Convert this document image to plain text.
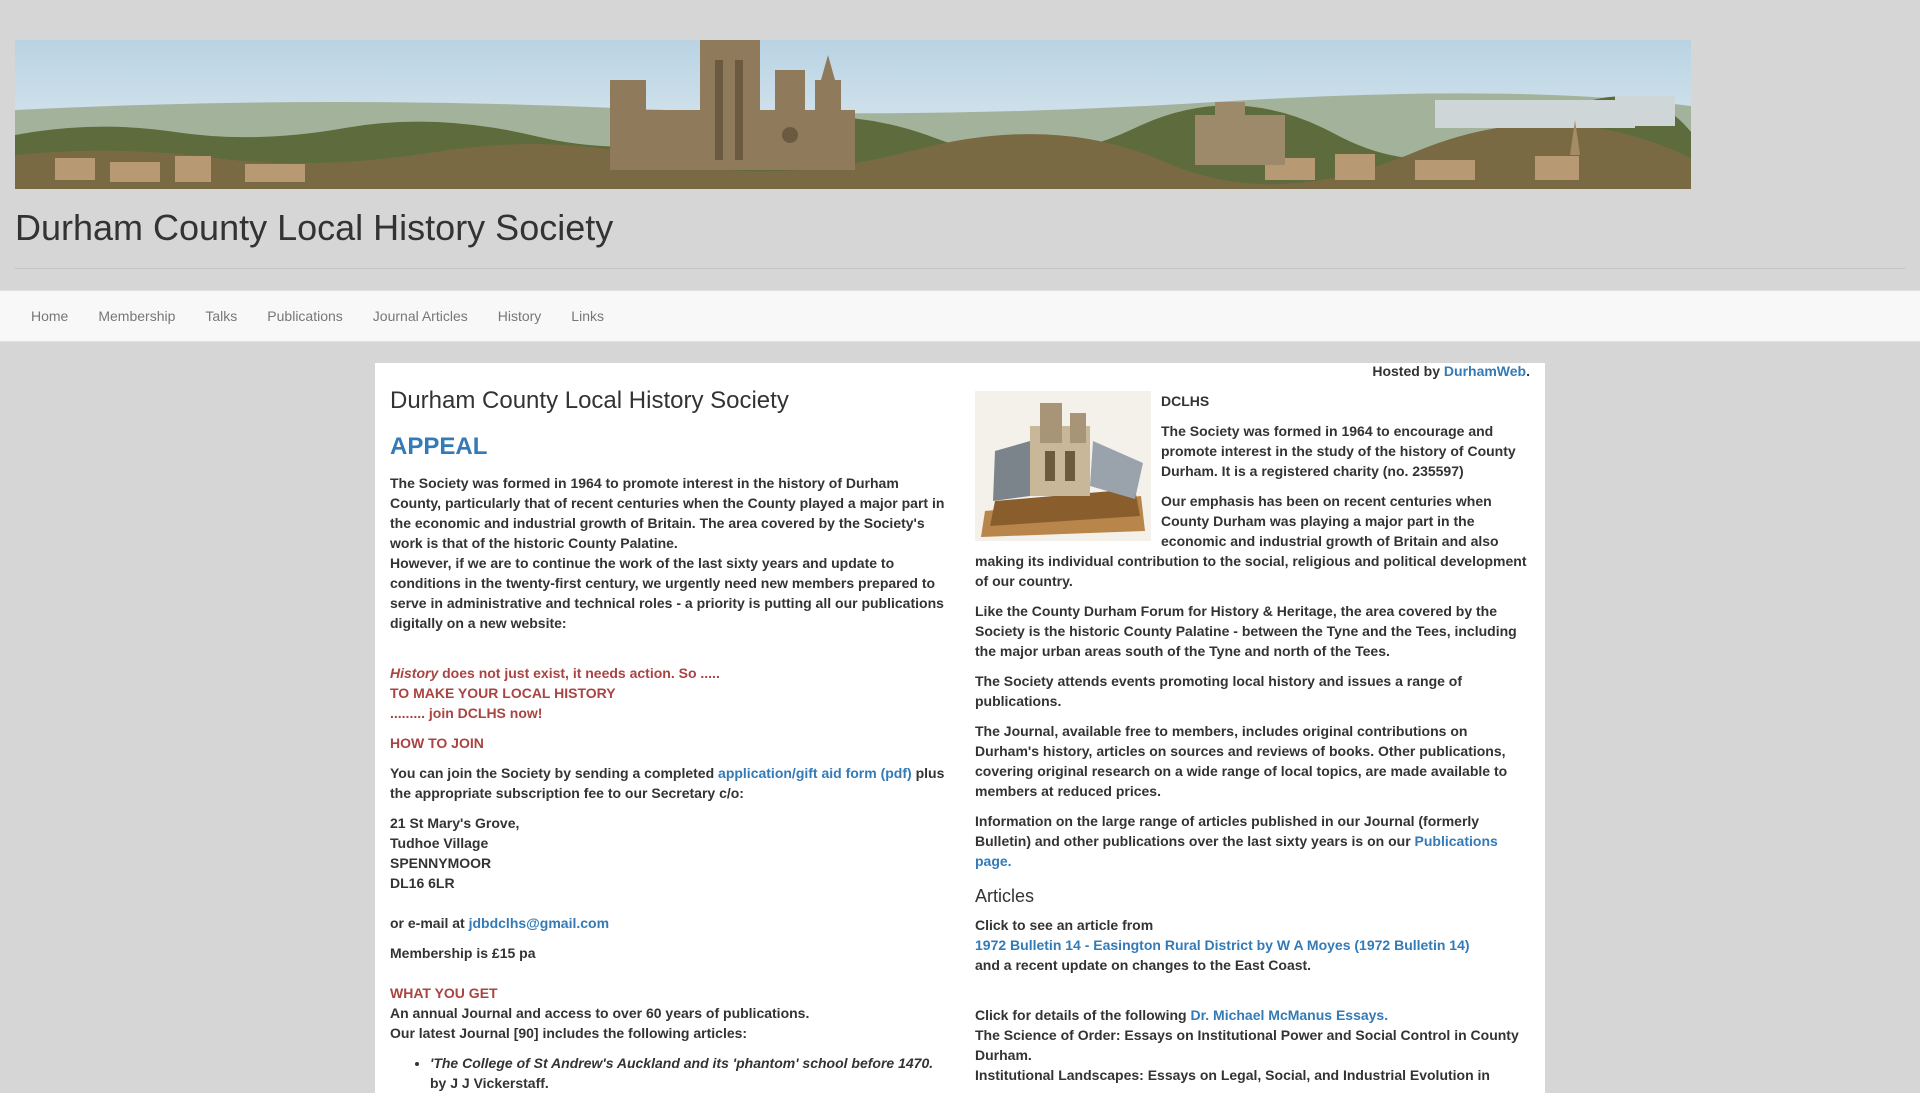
Durham County Local History Society
Home	Membership	Talks	Publications	Journal Articles	History	Links
Hosted by DurhamWeb.
Durham County Local History Society
APPEAL
The Society was formed in 1964 to promote interest in the history of Durham County, particularly that of recent centuries when the County played a major part in the economic and industrial growth of Britain. The area covered by the Society's work is that of the historic County Palatine.

However, if we are to continue the work of the last sixty years and update to conditions in the twenty-first century, we urgently need new members prepared to serve in administrative and technical roles - a priority is putting all our publications digitally on a new website:

History does not just exist, it needs action. So .....
TO MAKE YOUR LOCAL HISTORY

......... join DCLHS now!

HOW TO JOIN

You can join the Society by sending a completed application/gift aid form (pdf) plus the appropriate subscription fee to our Secretary c/o:

21 St Mary's Grove,
Tudhoe Village
SPENNYMOOR
DL16 6LR

or e-mail at jdbdclhs@gmail.com

Membership is £15 pa
WHAT YOU GET
An annual Journal and access to over 60 years of publications.

Our latest Journal [90] includes the following articles:

• 'The College of St Andrew's Auckland and its 'phantom' school before 1470.
by J J Vickerstaff.

DCLHS

The Society was formed in 1964 to encourage and promote interest in the study of the history of County Durham. It is a registered charity (no. 235597)

Our emphasis has been on recent centuries when County Durham was playing a major part in the economic and industrial growth of Britain and also making its individual contribution to the social, religious and political development of our country.

Like the County Durham Forum for History & Heritage, the area covered by the Society is the historic County Palatine - between the Tyne and the Tees, including the major urban areas south of the Tyne and north of the Tees.

The Society attends events promoting local history and issues a range of publications.

The Journal, available free to members, includes original contributions on Durham's history, articles on sources and reviews of books. Other publications, covering original research on a wide range of local topics, are made available to members at reduced prices.

Information on the large range of articles published in our Journal (formerly Bulletin) and other publications over the last sixty years is on our Publications page.

Articles
Click to see an article from
1972 Bulletin 14 - Easington Rural District by W A Moyes (1972 Bulletin 14)

and a recent update on changes to the East Coast.

Click for details of the following Dr. Michael McManus Essays.
The Science of Order: Essays on Institutional Power and Social Control in County Durham.
Institutional Landscapes: Essays on Legal, Social, and Industrial Evolution in
